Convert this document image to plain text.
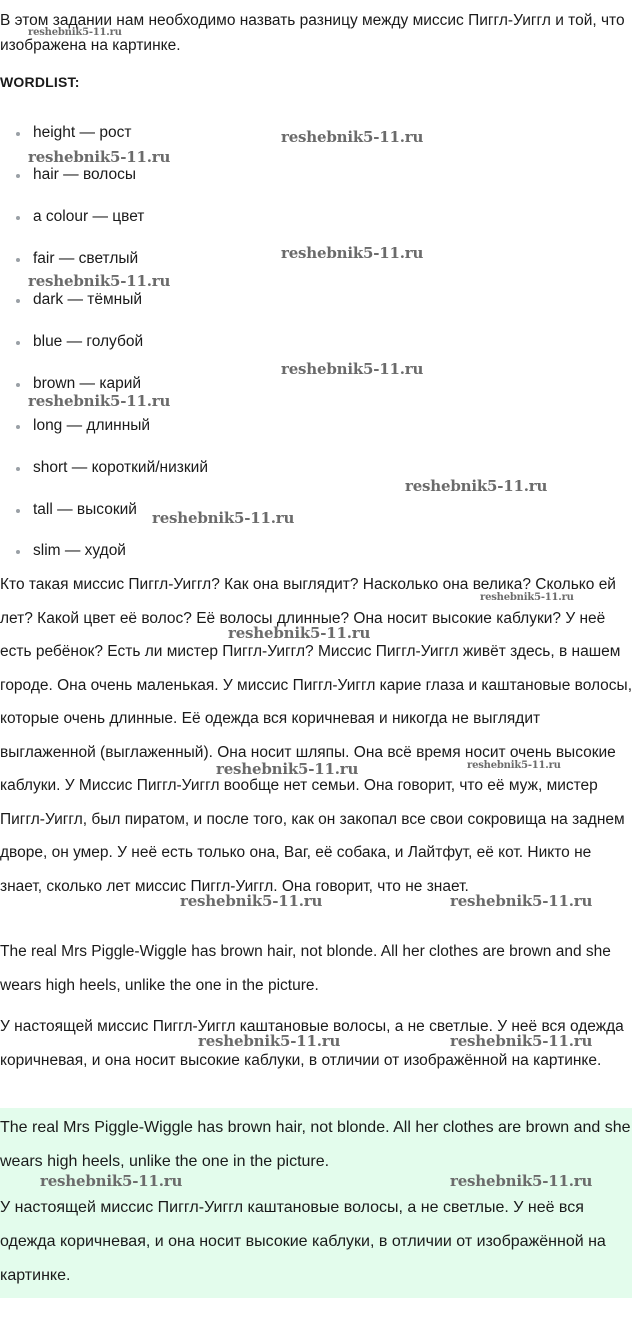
В этом задании нам необходимо назвать разницу между миссис Пиггл-Уиггл и той, что изображена на картинке.
WORDLIST:
height — рост
hair — волосы
a colour — цвет
fair — светлый
dark — тёмный
blue — голубой
brown — карий
long — длинный
short — короткий/низкий
tall — высокий
slim — худой
Кто такая миссис Пиггл-Уиггл? Как она выглядит? Насколько она велика? Сколько ей лет? Какой цвет её волос? Её волосы длинные? Она носит высокие каблуки? У неё есть ребёнок? Есть ли мистер Пиггл-Уиггл? Миссис Пиггл-Уиггл живёт здесь, в нашем городе. Она очень маленькая. У миссис Пиггл-Уиггл карие глаза и каштановые волосы, которые очень длинные. Её одежда вся коричневая и никогда не выглядит выглаженной (выглаженный). Она носит шляпы. Она всё время носит очень высокие каблуки. У Миссис Пиггл-Уиггл вообще нет семьи. Она говорит, что её муж, мистер Пиггл-Уиггл, был пиратом, и после того, как он закопал все свои сокровища на заднем дворе, он умер. У неё есть только она, Ваг, её собака, и Лайтфут, её кот. Никто не знает, сколько лет миссис Пиггл-Уиггл. Она говорит, что не знает.
The real Mrs Piggle-Wiggle has brown hair, not blonde. All her clothes are brown and she wears high heels, unlike the one in the picture.
У настоящей миссис Пиггл-Уиггл каштановые волосы, а не светлые. У неё вся одежда коричневая, и она носит высокие каблуки, в отличии от изображённой на картинке.
The real Mrs Piggle-Wiggle has brown hair, not blonde. All her clothes are brown and she wears high heels, unlike the one in the picture.
У настоящей миссис Пиггл-Уиггл каштановые волосы, а не светлые. У неё вся одежда коричневая, и она носит высокие каблуки, в отличии от изображённой на картинке.
reshebnik5-11.ru
reshebnik5-11.ru
reshebnik5-11.ru
reshebnik5-11.ru
reshebnik5-11.ru
reshebnik5-11.ru
reshebnik5-11.ru
reshebnik5-11.ru
reshebnik5-11.ru
reshebnik5-11.ru
reshebnik5-11.ru
reshebnik5-11.ru	reshebnik5-11.ru
reshebnik5-11.ru	reshebnik5-11.ru
reshebnik5-11.ru	reshebnik5-11.ru
reshebnik5-11.ru	reshebnik5-11.ru
